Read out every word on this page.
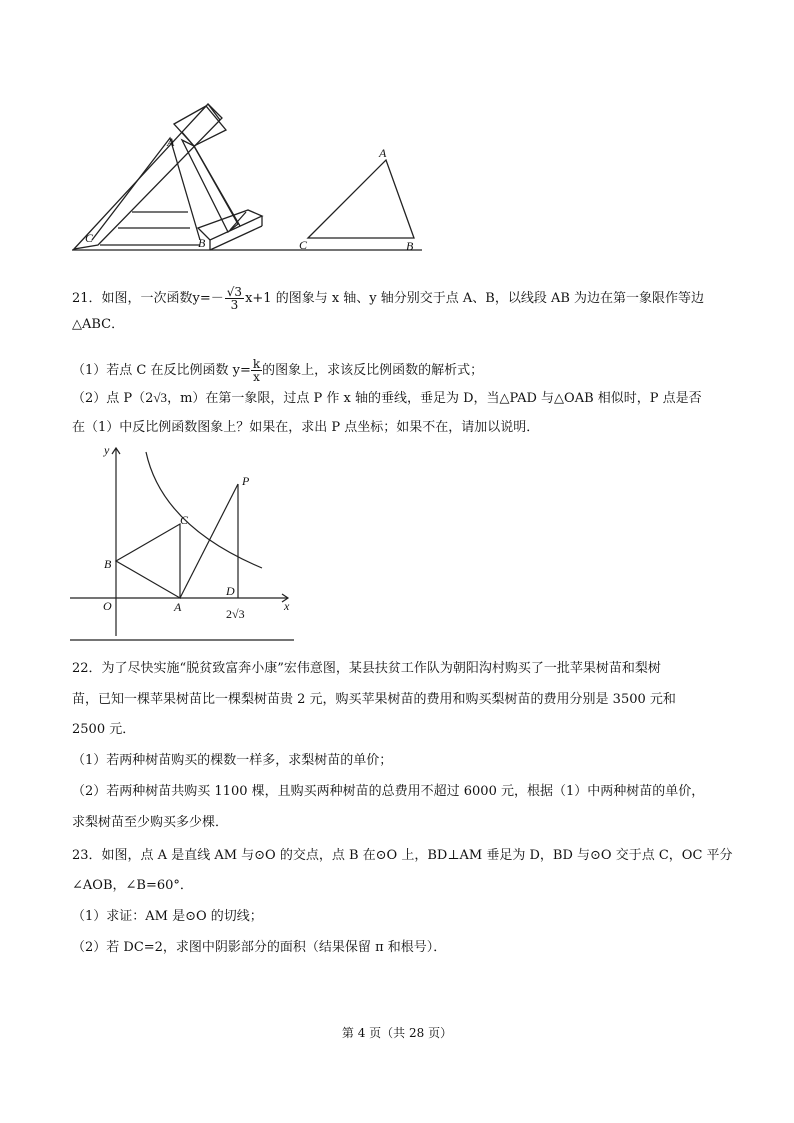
A
C	B
A
C	B
21．如图，一次函数$y=- \frac{√3}{3} x+1$ 的图象与 x 轴、y 轴分别交于点 A、B，以线段 AB 为边在第一象限作等边
△ABC．
（1）若点 C 在反比例函数 $y= \frac{k}{x}$ 的图象上，求该反比例函数的解析式；
（2）点 P（2√3，m）在第一象限，过点 P 作 x 轴的垂线，垂足为 D，当△PAD 与△OAB 相似时，P 点是否
在（1）中反比例函数图象上？如果在，求出 P 点坐标；如果不在，请加以说明．
y
x
O	A
B
C
P
D
2√3
22．为了尽快实施“脱贫致富奔小康”宏伟意图，某县扶贫工作队为朝阳沟村购买了一批苹果树苗和梨树
苗，已知一棵苹果树苗比一棵梨树苗贵 2 元，购买苹果树苗的费用和购买梨树苗的费用分别是 3500 元和
2500 元．
（1）若两种树苗购买的棵数一样多，求梨树苗的单价；
（2）若两种树苗共购买 1100 棵，且购买两种树苗的总费用不超过 6000 元，根据（1）中两种树苗的单价，
求梨树苗至少购买多少棵．
23．如图，点 A 是直线 AM 与⊙O 的交点，点 B 在⊙O 上，BD⊥AM 垂足为 D，BD 与⊙O 交于点 C，OC 平分
∠AOB，∠B=60°．
（1）求证：AM 是⊙O 的切线；
（2）若 DC=2，求图中阴影部分的面积（结果保留 π 和根号）．
第 4 页（共 28 页）
